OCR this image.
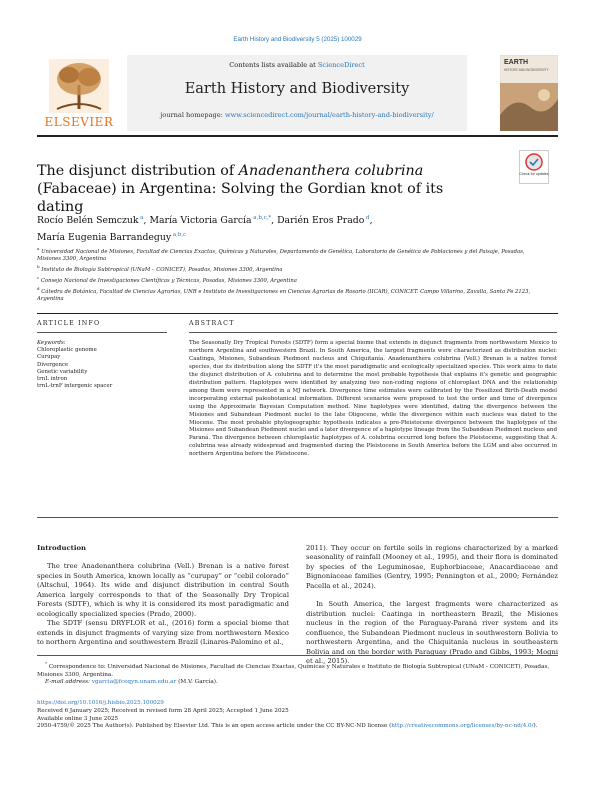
Earth History and Biodiversity 5 (2025) 100029
ELSEVIER
Contents lists available at ScienceDirect
Earth History and Biodiversity
journal homepage: www.sciencedirect.com/journal/earth-history-and-biodiversity/
EARTH
HISTORY AND BIODIVERSITY
The disjunct distribution of Anadenanthera colubrina (Fabaceae) in Argentina: Solving the Gordian knot of its dating
Check for updates
Rocío Belén Semczuk $^a$, María Victoria García $^{a,b,c,*}$, Darién Eros Prado $^d$,
María Eugenia Barrandeguy $^{a,b,c}$
$^a$ Universidad Nacional de Misiones, Facultad de Ciencias Exactas, Químicas y Naturales, Departamento de Genética, Laboratorio de Genética de Poblaciones y del Paisaje, Posadas, Misiones 3300, Argentina
$^b$ Instituto de Biología Subtropical (UNaM – CONICET), Posadas, Misiones 3300, Argentina
$^c$ Consejo Nacional de Investigaciones Científicas y Técnicas, Posadas, Misiones 3300, Argentina
$^d$ Cátedra de Botánica, Facultad de Ciencias Agrarias, UNR e Instituto de Investigaciones en Ciencias Agrarias de Rosario (IICAR), CONICET. Campo Villarino, Zavalla, Santa Fe 2123, Argentina
ARTICLE INFO	ABSTRACT
Keywords:
Chloroplastic genome
Curupay
Divergence
Genetic variability
trnL intron
trnL-trnF intergenic spacer
The Seasonally Dry Tropical Forests (SDTF) form a special biome that extends in disjunct fragments from northwestern Mexico to northern Argentina and southwestern Brazil. In South America, the largest fragments were characterized as distribution nuclei: Caatinga, Misiones, Subandean Piedmont nucleus and Chiquitanía. Anadenanthera colubrina (Vell.) Brenan is a native forest species, due its distribution along the SDTF it’s the most paradigmatic and ecologically specialized species. This work aims to date the disjunct distribution of A. colubrina and to determine the most probable hypothesis that explains it’s genetic and geographic distribution pattern. Haplotypes were identified by analyzing two non-coding regions of chloroplast DNA and the relationship among them were represented in a MJ network. Divergence time estimates were calibrated by the Fossilized Birth-Death model incorporating external paleobotanical information. Different scenarios were proposed to test the order and time of divergence using the Approximate Bayesian Computation method. Nine haplotypes were identified, dating the divergence between the Misiones and Subandean Piedmont nuclei to the late Oligocene, while the divergence within each nucleus was dated to the Miocene. The most probable phylogeographic hypothesis indicates a pre-Pleistocene divergence between the haplotypes of the Misiones and Subandean Piedmont nuclei and a later divergence of a haplotype lineage from the Subandean Piedmont nucleus and Paraná. The divergence between chloroplastic haplotypes of A. colubrina occurred long before the Pleistocene, suggesting that A. colubrina was already widespread and fragmented during the Pleistocene in South America before the LGM and also occurred in northern Argentina before the Pleistocene.
Introduction

The tree Anadenanthera colubrina (Vell.) Brenan is a native forest species in South America, known locally as “curupay” or “cebil colorado” (Altschul, 1964). Its wide and disjunct distribution in central South America largely corresponds to that of the Seasonally Dry Tropical Forests (SDTF), which is why it is considered its most paradigmatic and ecologically specialized species (Prado, 2000).

The SDTF (sensu DRYFLOR et al., (2016) form a special biome that extends in disjunct fragments of varying size from northwestern Mexico to northern Argentina and southwestern Brazil (Linares-Palomino et al.,

2011). They occur on fertile soils in regions characterized by a marked seasonality of rainfall (Mooney et al., 1995), and their flora is dominated by species of the Leguminosae, Euphorbiaceae, Anacardiaceae and Bignoniaceae families (Gentry, 1995; Pennington et al., 2000; Fernández Pacella et al., 2024).

In South America, the largest fragments were characterized as distribution nuclei: Caatinga in northeastern Brazil, the Misiones nucleus in the region of the Paraguay-Paraná river system and its confluence, the Subandean Piedmont nucleus in southwestern Bolivia to northwestern Argentina, and the Chiquitanía nucleus in southeastern Bolivia and on the border with Paraguay (Prado and Gibbs, 1993; Mogni et al., 2015).

* Correspondence to: Universidad Nacional de Misiones, Facultad de Ciencias Exactas, Químicas y Naturales e Instituto de Biología Subtropical (UNaM - CONICET), Posadas, Misiones 3300, Argentina.
E-mail address: vgarcia@fceqyn.unam.edu.ar (M.V. García).
https://doi.org/10.1016/j.hisbio.2025.100029
Received 6 January 2025; Received in revised form 28 April 2025; Accepted 1 June 2025
Available online 3 June 2025
2950-4759/© 2025 The Author(s). Published by Elsevier Ltd. This is an open access article under the CC BY-NC-ND license (http://creativecommons.org/licenses/by-nc-nd/4.0/).
